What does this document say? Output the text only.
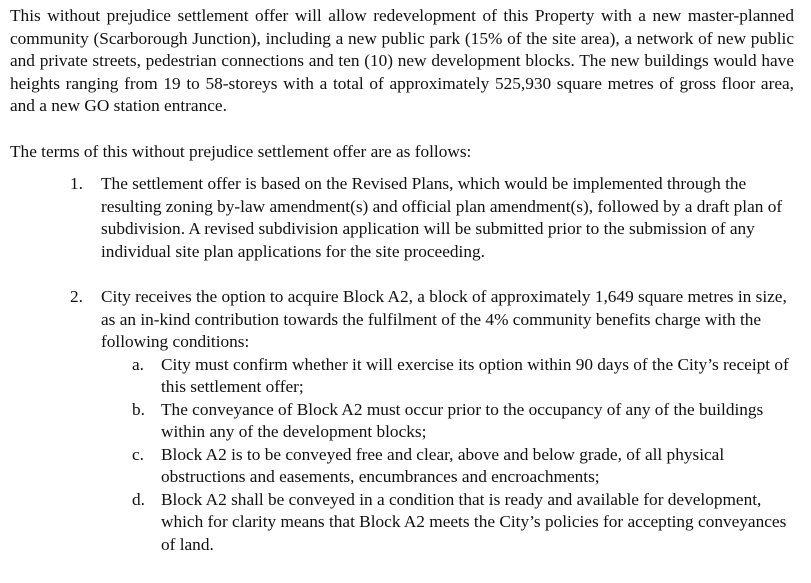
This without prejudice settlement offer will allow redevelopment of this Property with a new master-planned community (Scarborough Junction), including a new public park (15% of the site area), a network of new public and private streets, pedestrian connections and ten (10) new development blocks. The new buildings would have heights ranging from 19 to 58-storeys with a total of approximately 525,930 square metres of gross floor area, and a new GO station entrance.

The terms of this without prejudice settlement offer are as follows:

1. The settlement offer is based on the Revised Plans, which would be implemented through the resulting zoning by-law amendment(s) and official plan amendment(s), followed by a draft plan of subdivision. A revised subdivision application will be submitted prior to the submission of any individual site plan applications for the site proceeding.
2. City receives the option to acquire Block A2, a block of approximately 1,649 square metres in size, as an in-kind contribution towards the fulfilment of the 4% community benefits charge with the following conditions:
a. City must confirm whether it will exercise its option within 90 days of the City’s receipt of this settlement offer;
b. The conveyance of Block A2 must occur prior to the occupancy of any of the buildings within any of the development blocks;
c. Block A2 is to be conveyed free and clear, above and below grade, of all physical obstructions and easements, encumbrances and encroachments;
d. Block A2 shall be conveyed in a condition that is ready and available for development, which for clarity means that Block A2 meets the City’s policies for accepting conveyances of land.
